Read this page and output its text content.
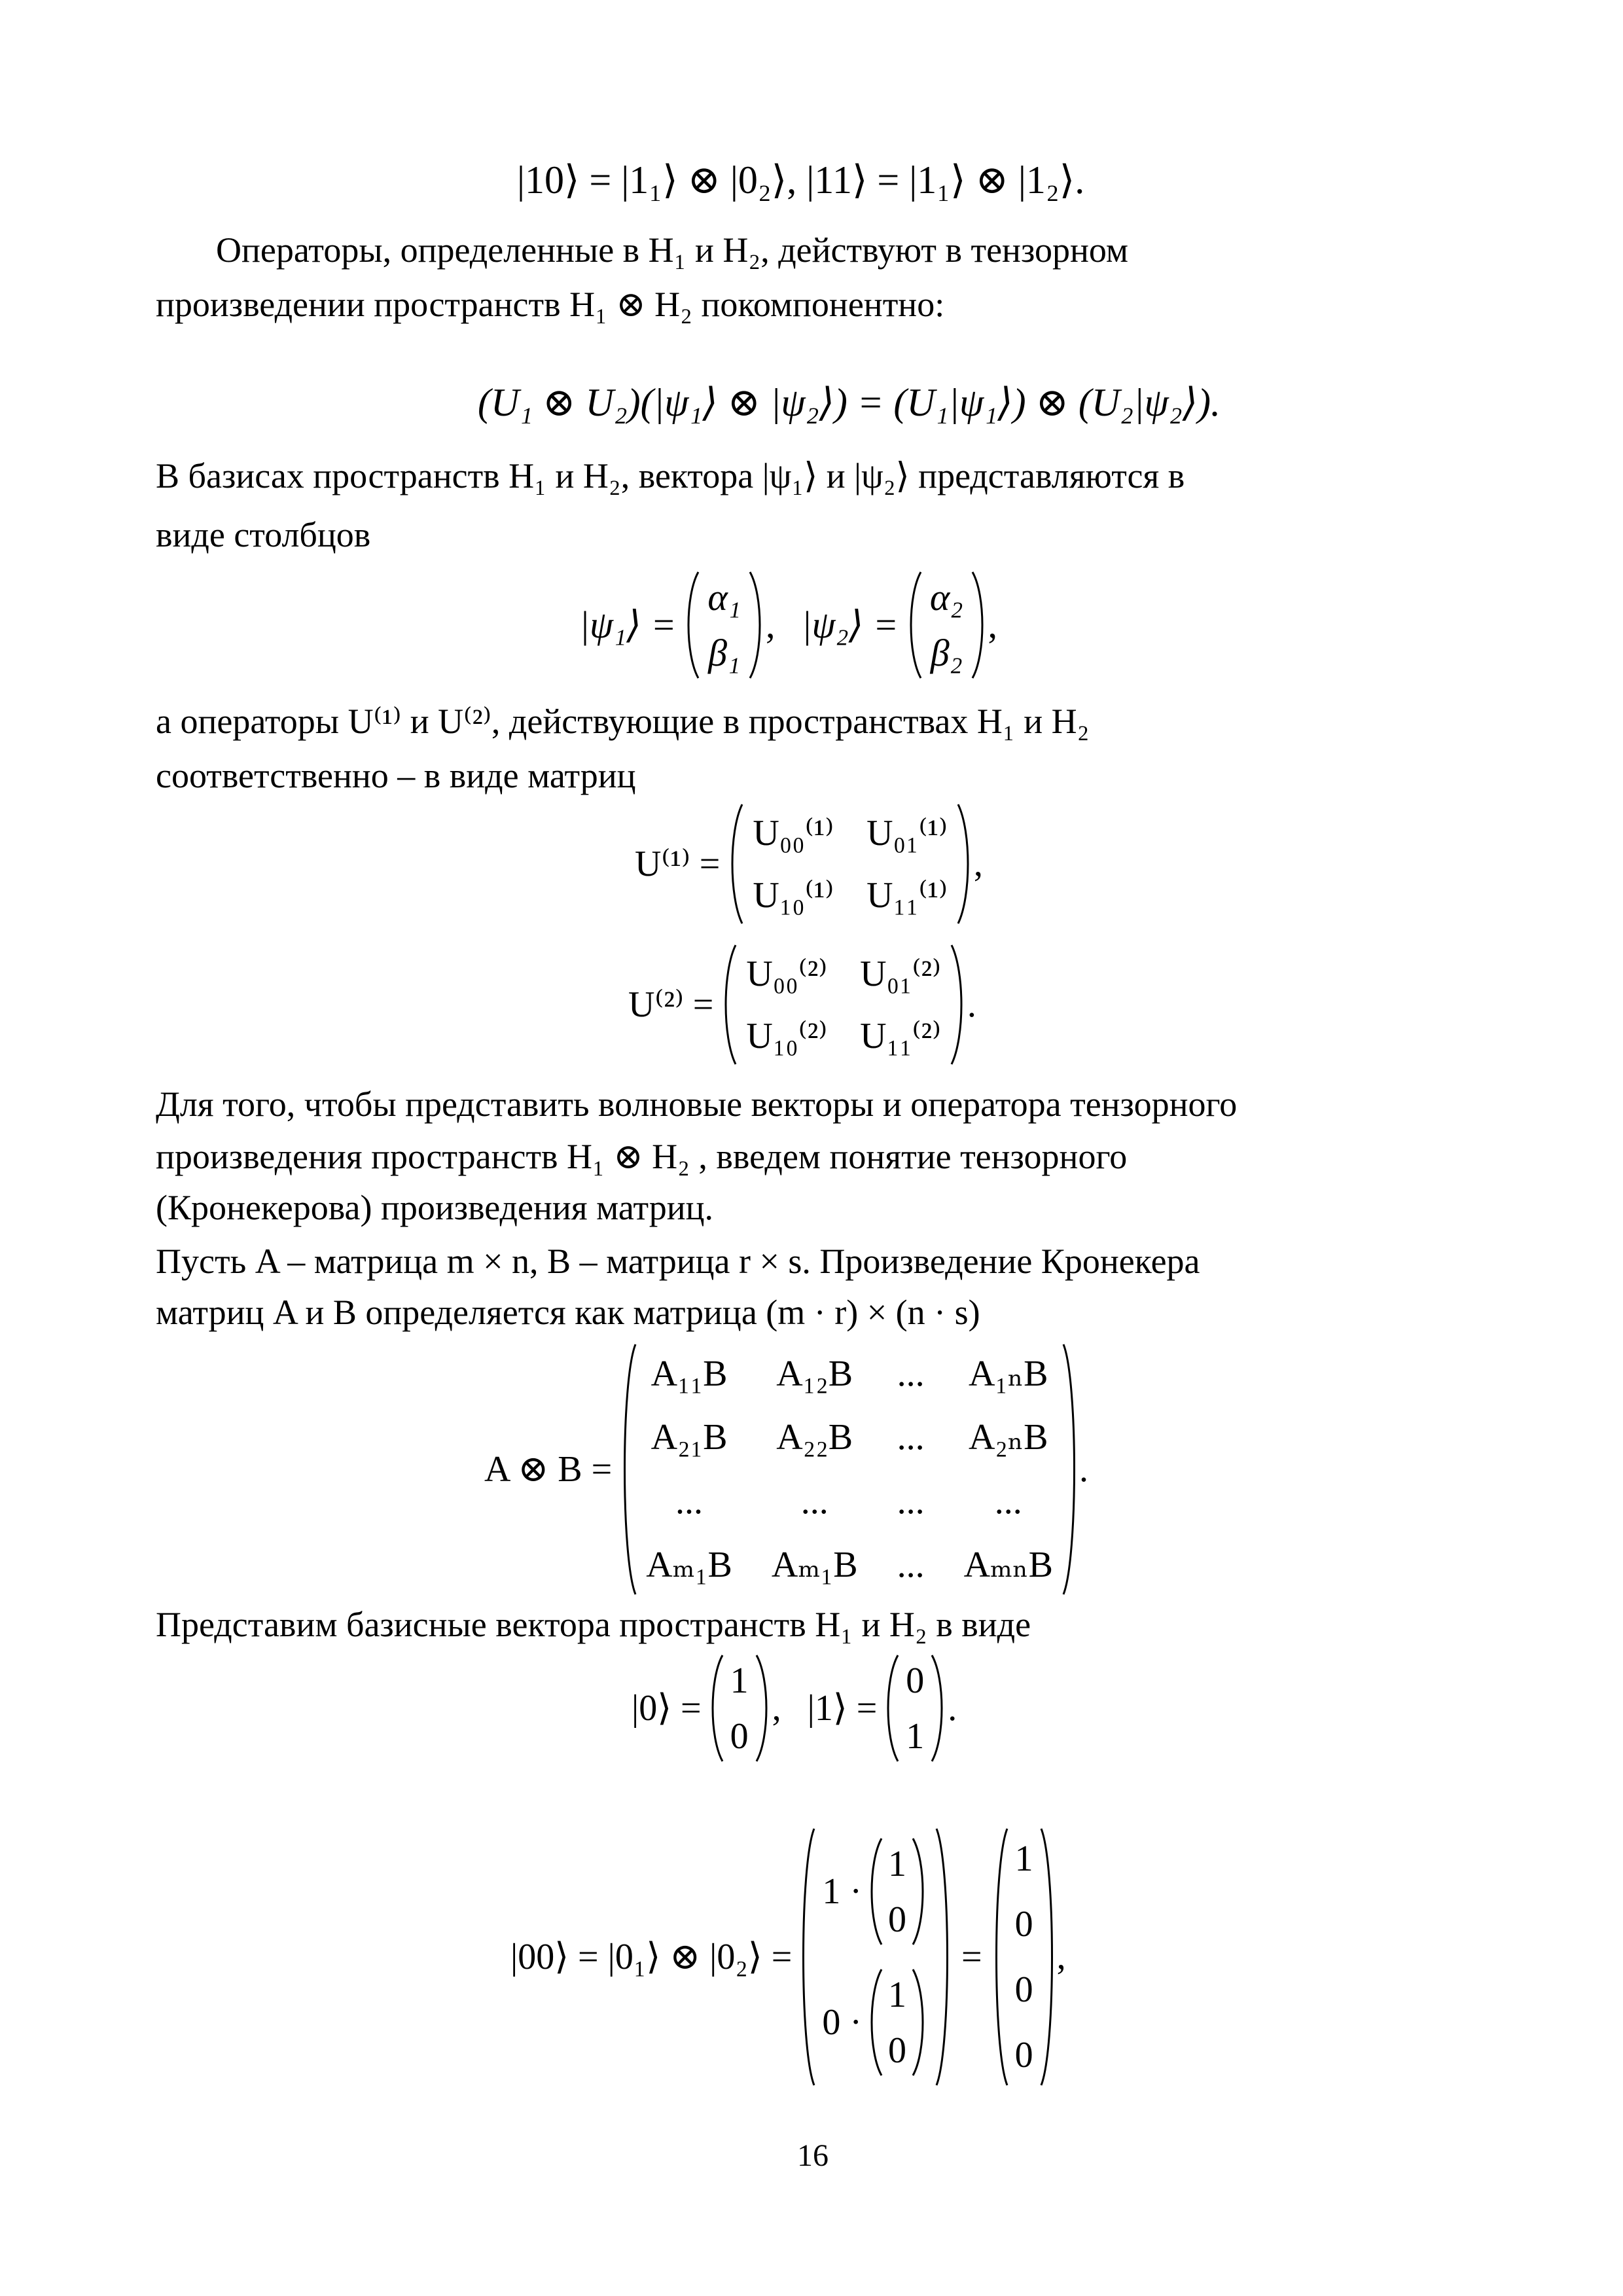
|10⟩ = |1₁⟩ ⊗ |0₂⟩, |11⟩ = |1₁⟩ ⊗ |1₂⟩.
Операторы, определенные в H₁ и H₂, действуют в тензорном
произведении пространств H₁ ⊗ H₂ покомпонентно:
(U₁ ⊗ U₂)(|ψ₁⟩ ⊗ |ψ₂⟩) = (U₁|ψ₁⟩) ⊗ (U₂|ψ₂⟩).
В базисах пространств H₁ и H₂, вектора |ψ₁⟩ и |ψ₂⟩ представляются в
виде столбцов
|ψ₁⟩ =
α₁
β₁
, |ψ₂⟩ =
α₂
β₂
,
а операторы U⁽¹⁾ и U⁽²⁾, действующие в пространствах H₁ и H₂
соответственно – в виде матриц
U⁽¹⁾ =
U₀₀⁽¹⁾ U₀₁⁽¹⁾
U₁₀⁽¹⁾ U₁₁⁽¹⁾
,
U⁽²⁾ =
U₀₀⁽²⁾ U₀₁⁽²⁾
U₁₀⁽²⁾ U₁₁⁽²⁾
.
Для того, чтобы представить волновые векторы и оператора тензорного
произведения пространств H₁ ⊗ H₂ , введем понятие тензорного
(Кронекерова) произведения матриц.
Пусть A – матрица m × n, B – матрица r × s. Произведение Кронекера
матриц A и B определяется как матрица (m · r) × (n · s)
A ⊗ B =
A₁₁B A₁₂B ... A₁ₙB
A₂₁B A₂₂B ... A₂ₙB
...	... ... ...
Aₘ₁B Aₘ₁B ... AₘₙB
.
Представим базисные вектора пространств H₁ и H₂ в виде
|0⟩ =
1
0
, |1⟩ =
0
1
.
|00⟩ = |0₁⟩ ⊗ |0₂⟩ =
1 ·
1
0
0 ·
1
0
=
1
0
0
0
,
16
